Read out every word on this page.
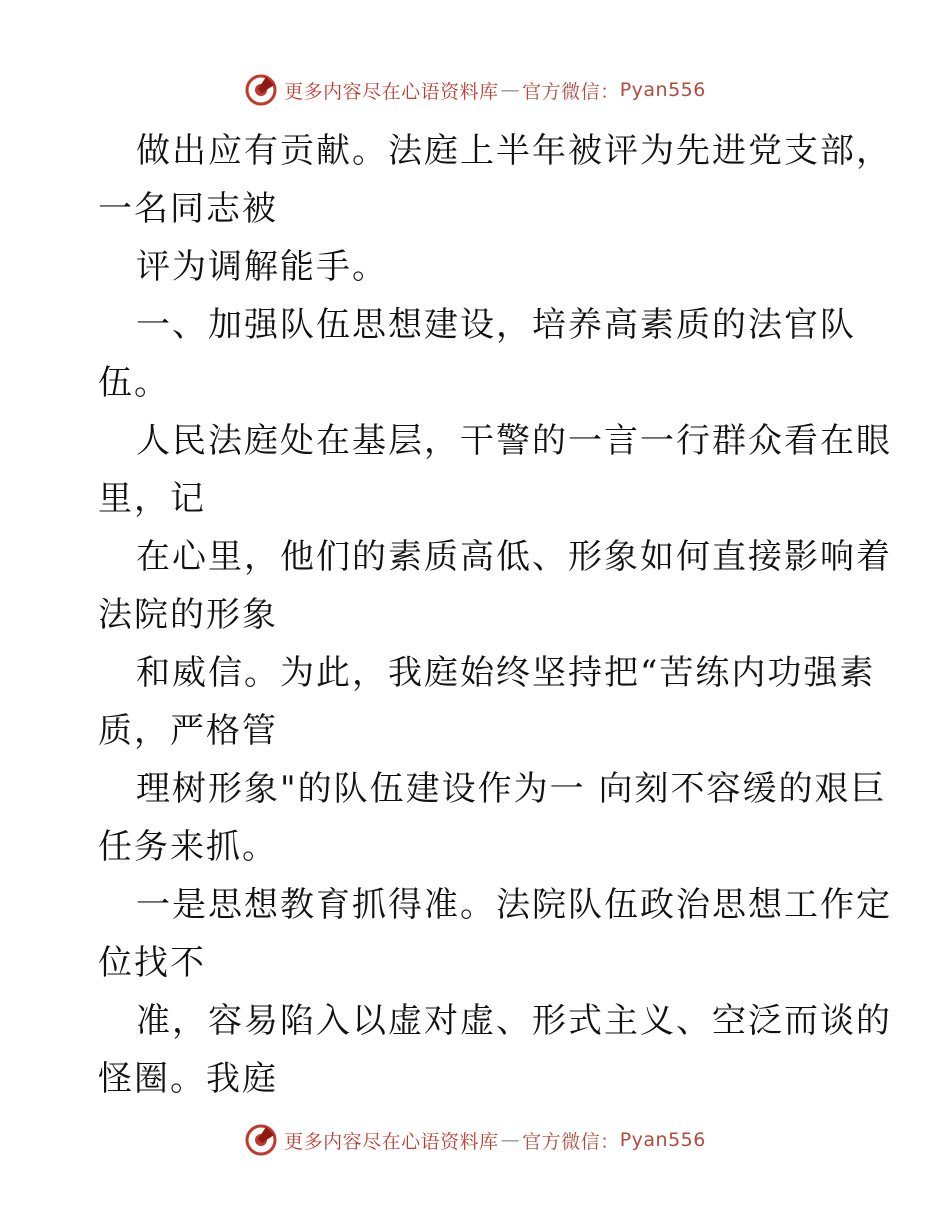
更多内容尽在心语资料库 — 官方微信： Pyan556
做出应有贡献。法庭上半年被评为先进党支部，
一名同志被
评为调解能手。
一、加强队伍思想建设，培养高素质的法官队
伍。
人民法庭处在基层，干警的一言一行群众看在眼
里，记
在心里，他们的素质高低、形象如何直接影响着
法院的形象
和威信。为此，我庭始终坚持把“苦练内功强素
质，严格管
理树形象"的队伍建设作为一 向刻不容缓的艰巨
任务来抓。
一是思想教育抓得准。法院队伍政治思想工作定
位找不
准，容易陷入以虚对虚、形式主义、空泛而谈的
怪圈。我庭
更多内容尽在心语资料库 — 官方微信： Pyan556
